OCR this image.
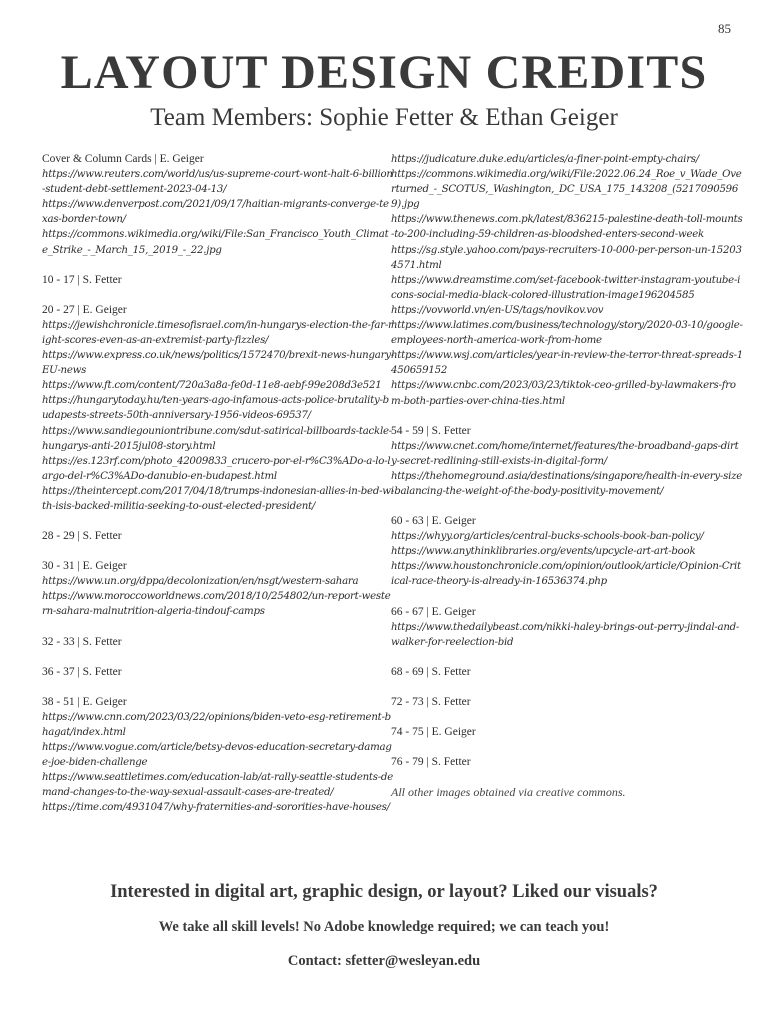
85
LAYOUT DESIGN CREDITS
Team Members: Sophie Fetter & Ethan Geiger
Cover & Column Cards | E. Geiger
https://www.reuters.com/world/us/us-supreme-court-wont-halt-6-billion-student-debt-settlement-2023-04-13/
https://www.denverpost.com/2021/09/17/haitian-migrants-converge-texas-border-town/
https://commons.wikimedia.org/wiki/File:San_Francisco_Youth_Climate_Strike_-_March_15,_2019_-_22.jpg
10 - 17 | S. Fetter
20 - 27 | E. Geiger
https://jewishchronicle.timesofisrael.com/in-hungarys-election-the-far-right-scores-even-as-an-extremist-party-fizzles/
https://www.express.co.uk/news/politics/1572470/brexit-news-hungary-EU-news
https://www.ft.com/content/720a3a8a-fe0d-11e8-aebf-99e208d3e521
https://hungarytoday.hu/ten-years-ago-infamous-acts-police-brutality-budapests-streets-50th-anniversary-1956-videos-69537/
https://www.sandiegouniontribune.com/sdut-satirical-billboards-tackle-hungarys-anti-2015jul08-story.html
https://es.123rf.com/photo_42009833_crucero-por-el-r%C3%ADo-a-lo-largo-del-r%C3%ADo-danubio-en-budapest.html
https://theintercept.com/2017/04/18/trumps-indonesian-allies-in-bed-with-isis-backed-militia-seeking-to-oust-elected-president/
28 - 29 | S. Fetter
30 - 31 | E. Geiger
https://www.un.org/dppa/decolonization/en/nsgt/western-sahara
https://www.moroccoworldnews.com/2018/10/254802/un-report-western-sahara-malnutrition-algeria-tindouf-camps
32 - 33 | S. Fetter
36 - 37 | S. Fetter
38 - 51 | E. Geiger
https://www.cnn.com/2023/03/22/opinions/biden-veto-esg-retirement-bhagat/index.html
https://www.vogue.com/article/betsy-devos-education-secretary-damage-joe-biden-challenge
https://www.seattletimes.com/education-lab/at-rally-seattle-students-demand-changes-to-the-way-sexual-assault-cases-are-treated/
https://time.com/4931047/why-fraternities-and-sororities-have-houses/
https://judicature.duke.edu/articles/a-finer-point-empty-chairs/
https://commons.wikimedia.org/wiki/File:2022.06.24_Roe_v_Wade_Overturned_-_SCOTUS,_Washington,_DC_USA_175_143208_(52170905969).jpg
https://www.thenews.com.pk/latest/836215-palestine-death-toll-mounts-to-200-including-59-children-as-bloodshed-enters-second-week
https://sg.style.yahoo.com/pays-recruiters-10-000-per-person-un-152034571.html
https://www.dreamstime.com/set-facebook-twitter-instagram-youtube-icons-social-media-black-colored-illustration-image196204585
https://vovworld.vn/en-US/tags/novikov.vov
https://www.latimes.com/business/technology/story/2020-03-10/google-employees-north-america-work-from-home
https://www.wsj.com/articles/year-in-review-the-terror-threat-spreads-1450659152
https://www.cnbc.com/2023/03/23/tiktok-ceo-grilled-by-lawmakers-from-both-parties-over-china-ties.html
54 - 59 | S. Fetter
https://www.cnet.com/home/internet/features/the-broadband-gaps-dirty-secret-redlining-still-exists-in-digital-form/
https://thehomeground.asia/destinations/singapore/health-in-every-size-balancing-the-weight-of-the-body-positivity-movement/
60 - 63 | E. Geiger
https://whyy.org/articles/central-bucks-schools-book-ban-policy/
https://www.anythinklibraries.org/events/upcycle-art-art-book
https://www.houstonchronicle.com/opinion/outlook/article/Opinion-Critical-race-theory-is-already-in-16536374.php
66 - 67 | E. Geiger
https://www.thedailybeast.com/nikki-haley-brings-out-perry-jindal-and-walker-for-reelection-bid
68 - 69 | S. Fetter
72 - 73 | S. Fetter
74 - 75 | E. Geiger
76 - 79 | S. Fetter
All other images obtained via creative commons.
Interested in digital art, graphic design, or layout? Liked our visuals?
We take all skill levels! No Adobe knowledge required; we can teach you!
Contact: sfetter@wesleyan.edu
